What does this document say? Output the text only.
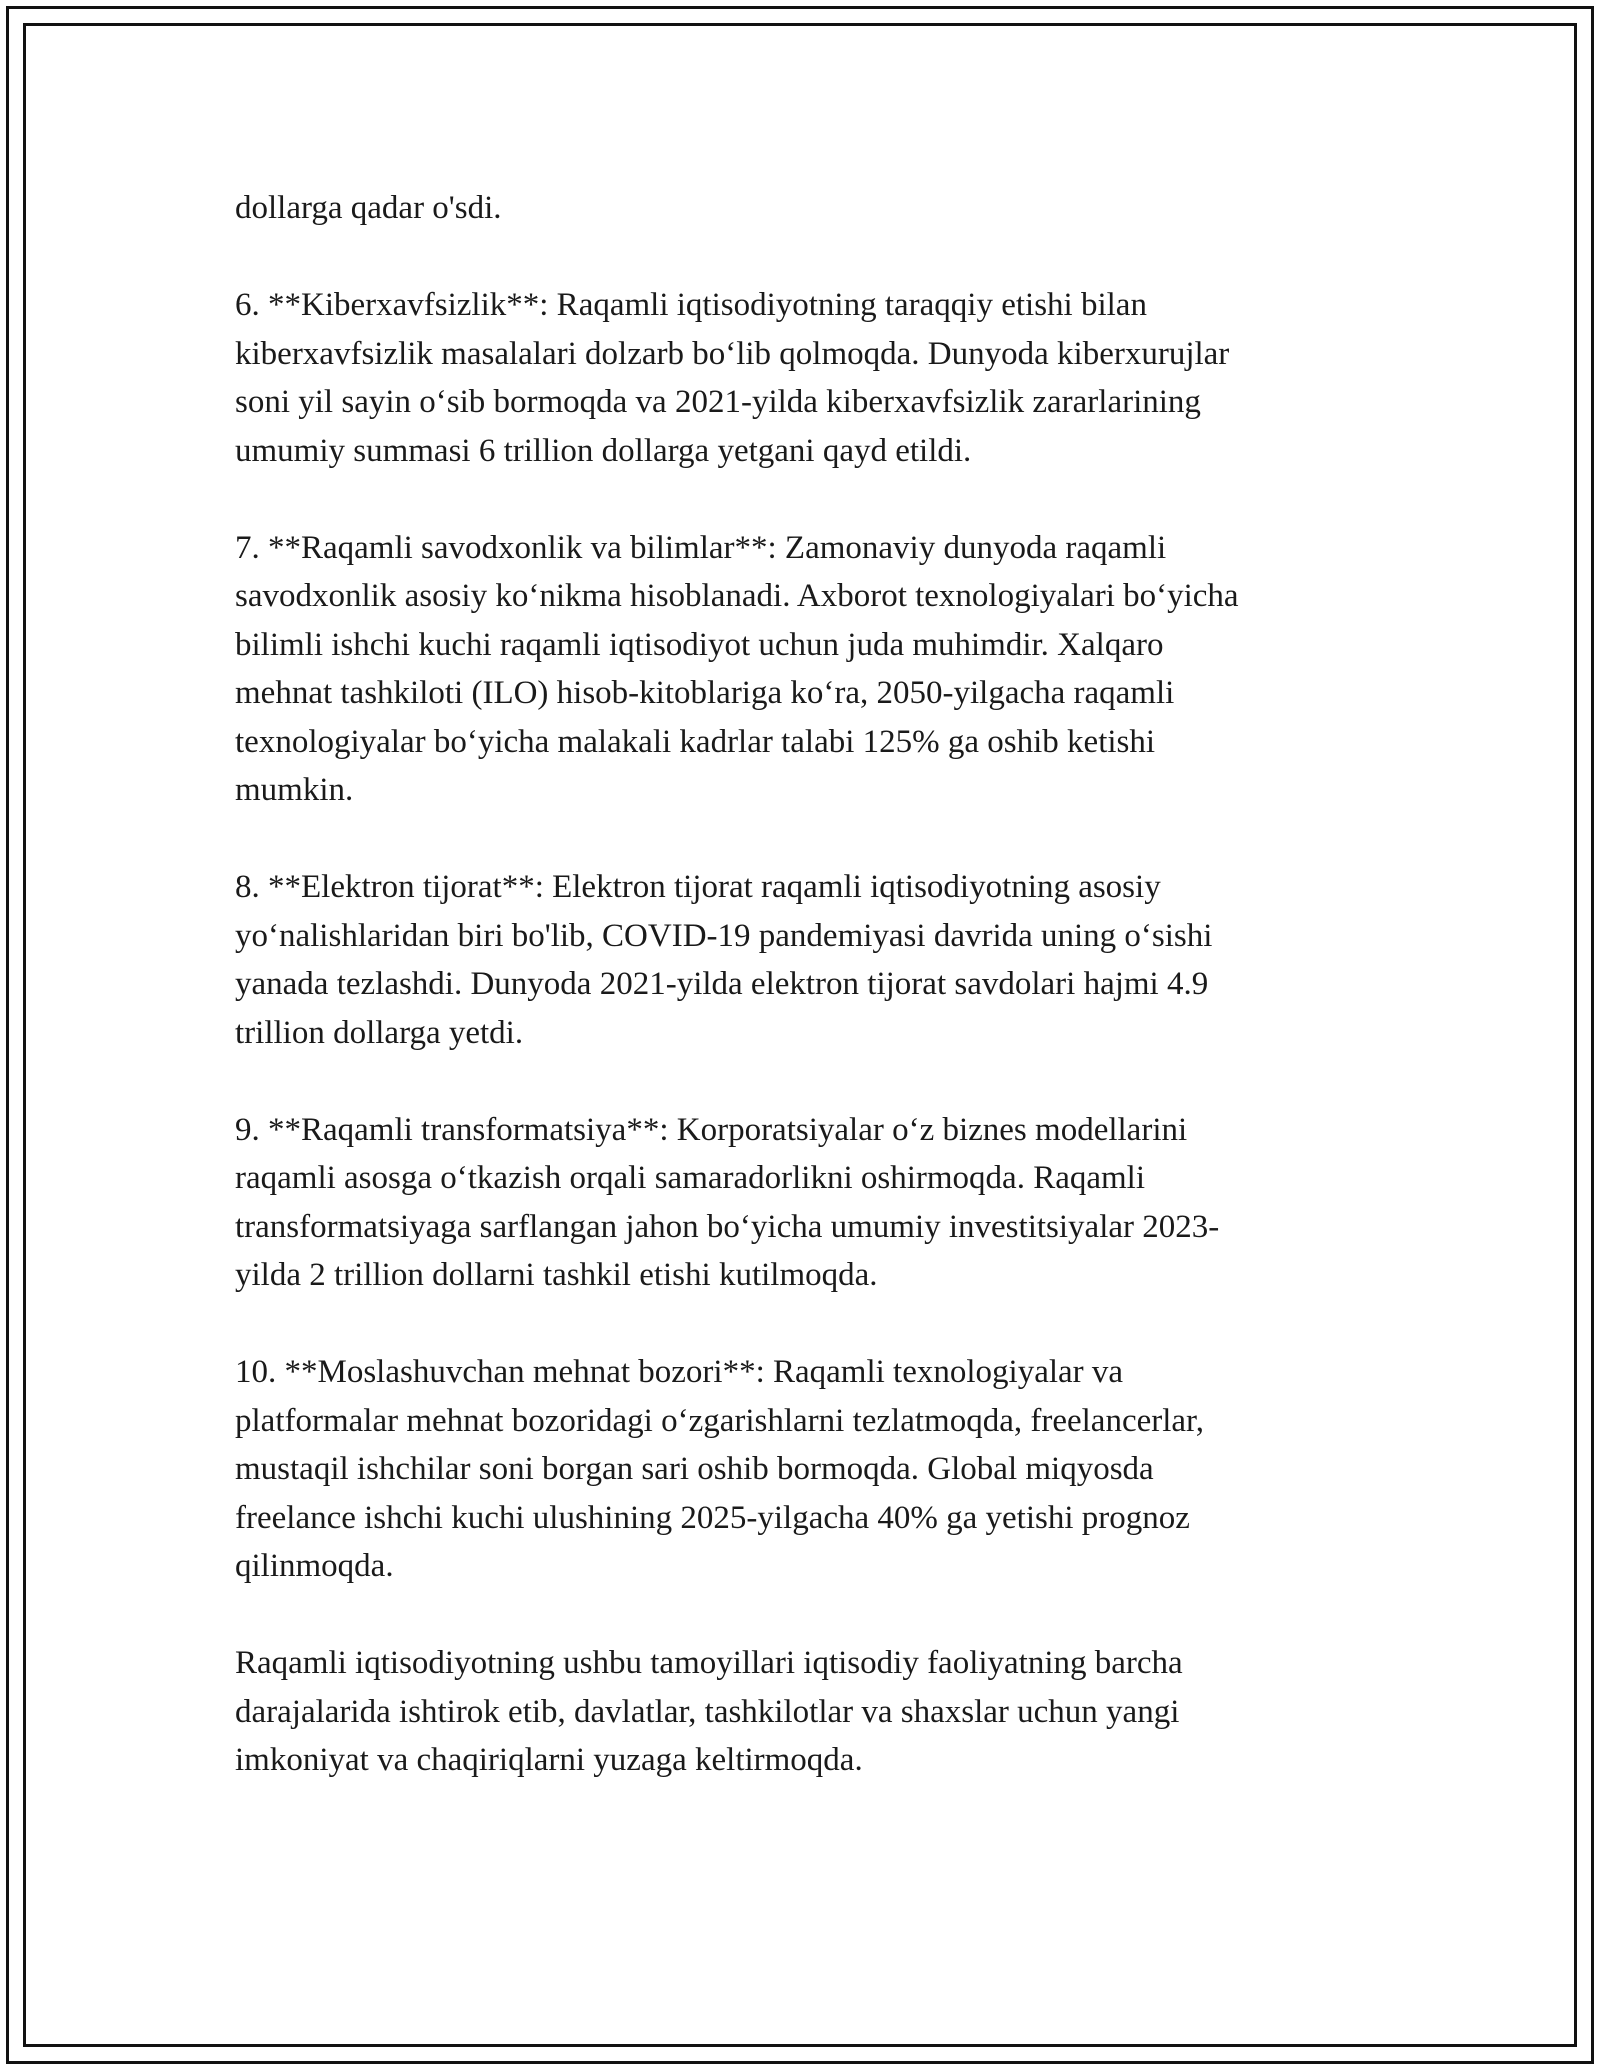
dollarga qadar o'sdi.

6. **Kiberxavfsizlik**: Raqamli iqtisodiyotning taraqqiy etishi bilan
kiberxavfsizlik masalalari dolzarb bo‘lib qolmoqda. Dunyoda kiberxurujlar
soni yil sayin o‘sib bormoqda va 2021-yilda kiberxavfsizlik zararlarining
umumiy summasi 6 trillion dollarga yetgani qayd etildi.

7. **Raqamli savodxonlik va bilimlar**: Zamonaviy dunyoda raqamli
savodxonlik asosiy ko‘nikma hisoblanadi. Axborot texnologiyalari bo‘yicha
bilimli ishchi kuchi raqamli iqtisodiyot uchun juda muhimdir. Xalqaro
mehnat tashkiloti (ILO) hisob-kitoblariga ko‘ra, 2050-yilgacha raqamli
texnologiyalar bo‘yicha malakali kadrlar talabi 125% ga oshib ketishi
mumkin.

8. **Elektron tijorat**: Elektron tijorat raqamli iqtisodiyotning asosiy
yo‘nalishlaridan biri bo'lib, COVID-19 pandemiyasi davrida uning o‘sishi
yanada tezlashdi. Dunyoda 2021-yilda elektron tijorat savdolari hajmi 4.9
trillion dollarga yetdi.

9. **Raqamli transformatsiya**: Korporatsiyalar o‘z biznes modellarini
raqamli asosga o‘tkazish orqali samaradorlikni oshirmoqda. Raqamli
transformatsiyaga sarflangan jahon bo‘yicha umumiy investitsiyalar 2023-
yilda 2 trillion dollarni tashkil etishi kutilmoqda.

10. **Moslashuvchan mehnat bozori**: Raqamli texnologiyalar va
platformalar mehnat bozoridagi o‘zgarishlarni tezlatmoqda, freelancerlar,
mustaqil ishchilar soni borgan sari oshib bormoqda. Global miqyosda
freelance ishchi kuchi ulushining 2025-yilgacha 40% ga yetishi prognoz
qilinmoqda.

Raqamli iqtisodiyotning ushbu tamoyillari iqtisodiy faoliyatning barcha
darajalarida ishtirok etib, davlatlar, tashkilotlar va shaxslar uchun yangi
imkoniyat va chaqiriqlarni yuzaga keltirmoqda.
